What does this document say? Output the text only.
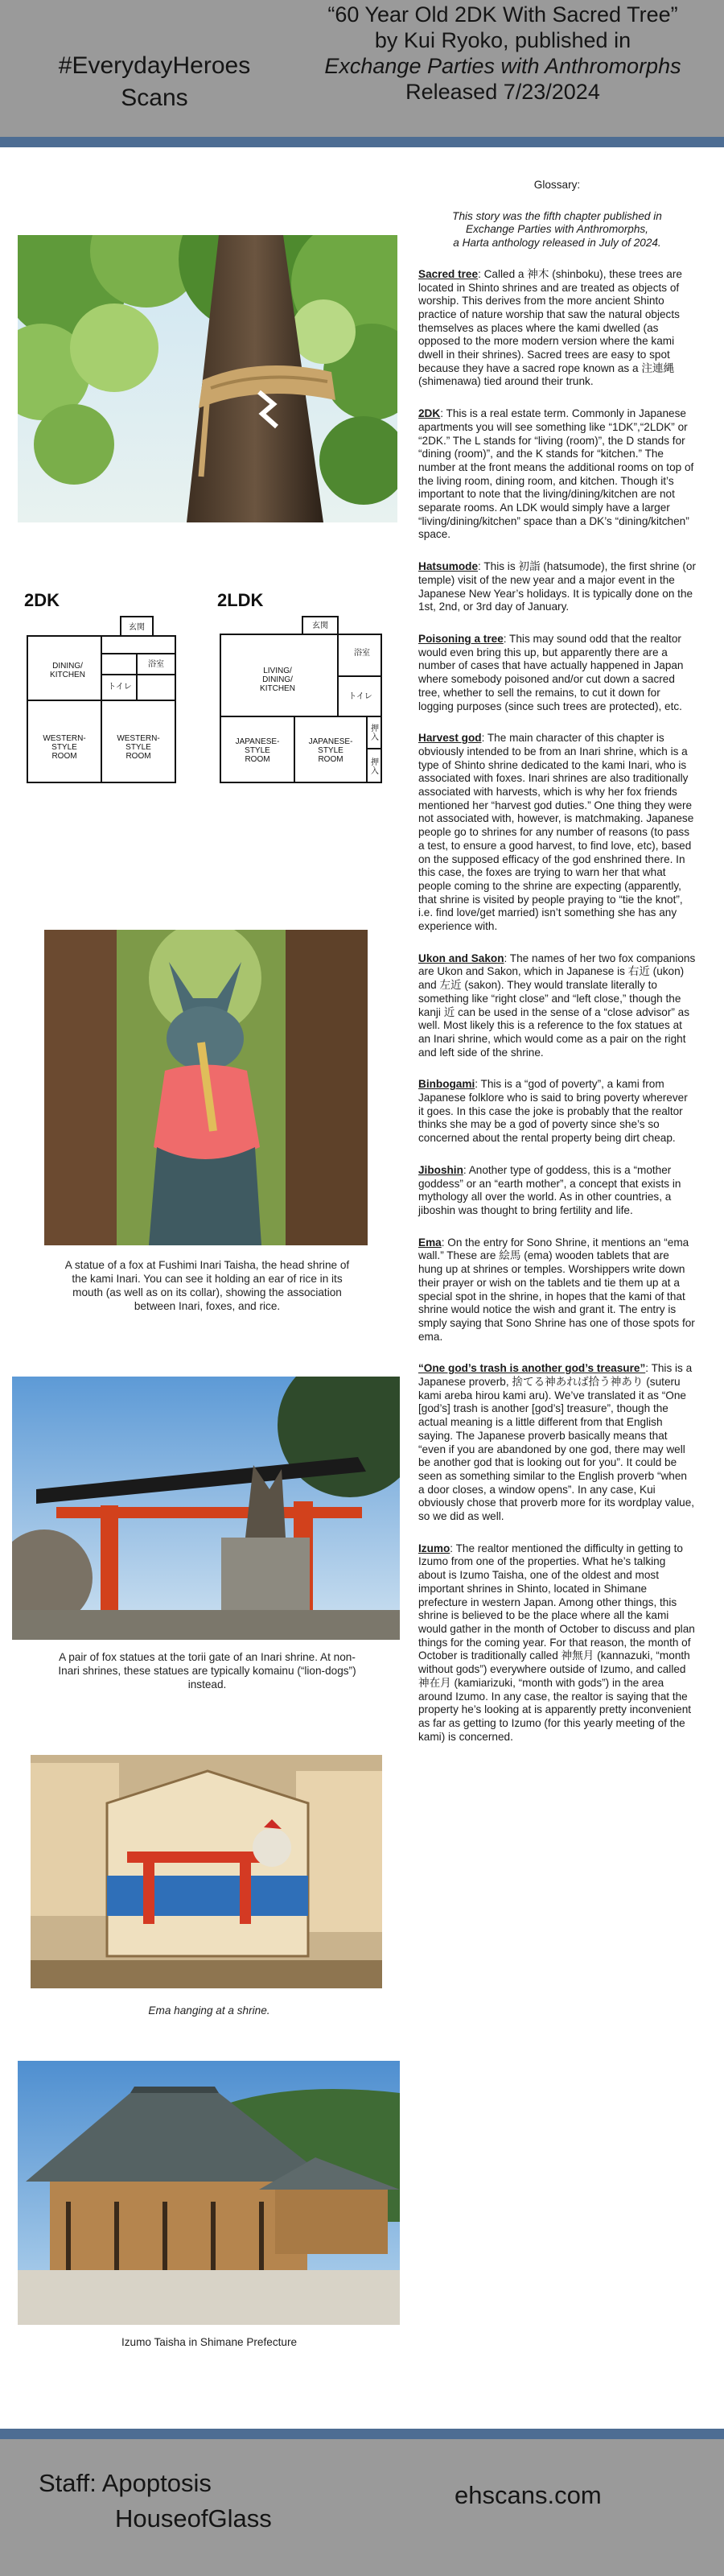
#EverydayHeroes
Scans
“60 Year Old 2DK With Sacred Tree”
by Kui Ryoko, published in
Exchange Parties with Anthromorphs
Released 7/23/2024
2DK	2LDK
DINING/
KITCHEN
玄関
浴室
トイレ
WESTERN-
STYLE
ROOM
WESTERN-
STYLE
ROOM
玄関
浴室
トイレ
LIVING/
DINING/
KITCHEN
JAPANESE-
STYLE
ROOM
JAPANESE-
STYLE
ROOM
押入
押入
A statue of a fox at Fushimi Inari Taisha, the head shrine of the kami Inari. You can see it holding an ear of rice in its mouth (as well as on its collar), showing the association between Inari, foxes, and rice.
A pair of fox statues at the torii gate of an Inari shrine. At non-Inari shrines, these statues are typically komainu (“lion-dogs”) instead.
Ema hanging at a shrine.
Izumo Taisha in Shimane Prefecture

Glossary:

This story was the fifth chapter published in
Exchange Parties with Anthromorphs,
a Harta anthology released in July of 2024.

Sacred tree: Called a 神木 (shinboku), these trees are located in Shinto shrines and are treated as objects of worship. This derives from the more ancient Shinto practice of nature worship that saw the natural objects themselves as places where the kami dwelled (as opposed to the more modern version where the kami dwell in their shrines). Sacred trees are easy to spot because they have a sacred rope known as a 注連縄 (shimenawa) tied around their trunk.

2DK: This is a real estate term. Commonly in Japanese apartments you will see something like “1DK”,“2LDK” or “2DK.” The L stands for “living (room)”, the D stands for “dining (room)”, and the K stands for “kitchen.” The number at the front means the additional rooms on top of the living room, dining room, and kitchen. Though it’s important to note that the living/dining/kitchen are not separate rooms. An LDK would simply have a larger “living/dining/kitchen” space than a DK’s “dining/kitchen” space.

Hatsumode: This is 初詣 (hatsumode), the first shrine (or temple) visit of the new year and a major event in the Japanese New Year’s holidays. It is typically done on the 1st, 2nd, or 3rd day of January.

Poisoning a tree: This may sound odd that the realtor would even bring this up, but apparently there are a number of cases that have actually happened in Japan where somebody poisoned and/or cut down a sacred tree, whether to sell the remains, to cut it down for logging purposes (since such trees are protected), etc.

Harvest god: The main character of this chapter is obviously intended to be from an Inari shrine, which is a type of Shinto shrine dedicated to the kami Inari, who is associated with foxes. Inari shrines are also traditionally associated with harvests, which is why her fox friends mentioned her “harvest god duties.” One thing they were not associated with, however, is matchmaking. Japanese people go to shrines for any number of reasons (to pass a test, to ensure a good harvest, to find love, etc), based on the supposed efficacy of the god enshrined there. In this case, the foxes are trying to warn her that what people coming to the shrine are expecting (apparently, that shrine is visited by people praying to “tie the knot”, i.e. find love/get married) isn’t something she has any experience with.

Ukon and Sakon: The names of her two fox companions are Ukon and Sakon, which in Japanese is 右近 (ukon) and 左近 (sakon). They would translate literally to something like “right close” and “left close,” though the kanji 近 can be used in the sense of a “close advisor” as well. Most likely this is a reference to the fox statues at an Inari shrine, which would come as a pair on the right and left side of the shrine.

Binbogami: This is a “god of poverty”, a kami from Japanese folklore who is said to bring poverty wherever it goes. In this case the joke is probably that the realtor thinks she may be a god of poverty since she’s so concerned about the rental property being dirt cheap.

Jiboshin: Another type of goddess, this is a “mother goddess” or an “earth mother”, a concept that exists in mythology all over the world. As in other countries, a jiboshin was thought to bring fertility and life.

Ema: On the entry for Sono Shrine, it mentions an “ema wall.” These are 絵馬 (ema) wooden tablets that are hung up at shrines or temples. Worshippers write down their prayer or wish on the tablets and tie them up at a special spot in the shrine, in hopes that the kami of that shrine would notice the wish and grant it. The entry is smply saying that Sono Shrine has one of those spots for ema.

“One god’s trash is another god’s treasure”: This is a Japanese proverb, 捨てる神あれば拾う神あり (suteru kami areba hirou kami aru). We’ve translated it as “One [god’s] trash is another [god’s] treasure”, though the actual meaning is a little different from that English saying. The Japanese proverb basically means that “even if you are abandoned by one god, there may well be another god that is looking out for you”. It could be seen as something similar to the English proverb “when a door closes, a window opens”. In any case, Kui obviously chose that proverb more for its wordplay value, so we did as well.

Izumo: The realtor mentioned the difficulty in getting to Izumo from one of the properties. What he’s talking about is Izumo Taisha, one of the oldest and most important shrines in Shinto, located in Shimane prefecture in western Japan. Among other things, this shrine is believed to be the place where all the kami would gather in the month of October to discuss and plan things for the coming year. For that reason, the month of October is traditionally called 神無月 (kannazuki, “month without gods”) everywhere outside of Izumo, and called 神在月 (kamiarizuki, “month with gods”) in the area around Izumo. In any case, the realtor is saying that the property he’s looking at is apparently pretty inconvenient as far as getting to Izumo (for this yearly meeting of the kami) is concerned.

Staff: Apoptosis
HouseofGlass
ehscans.com
